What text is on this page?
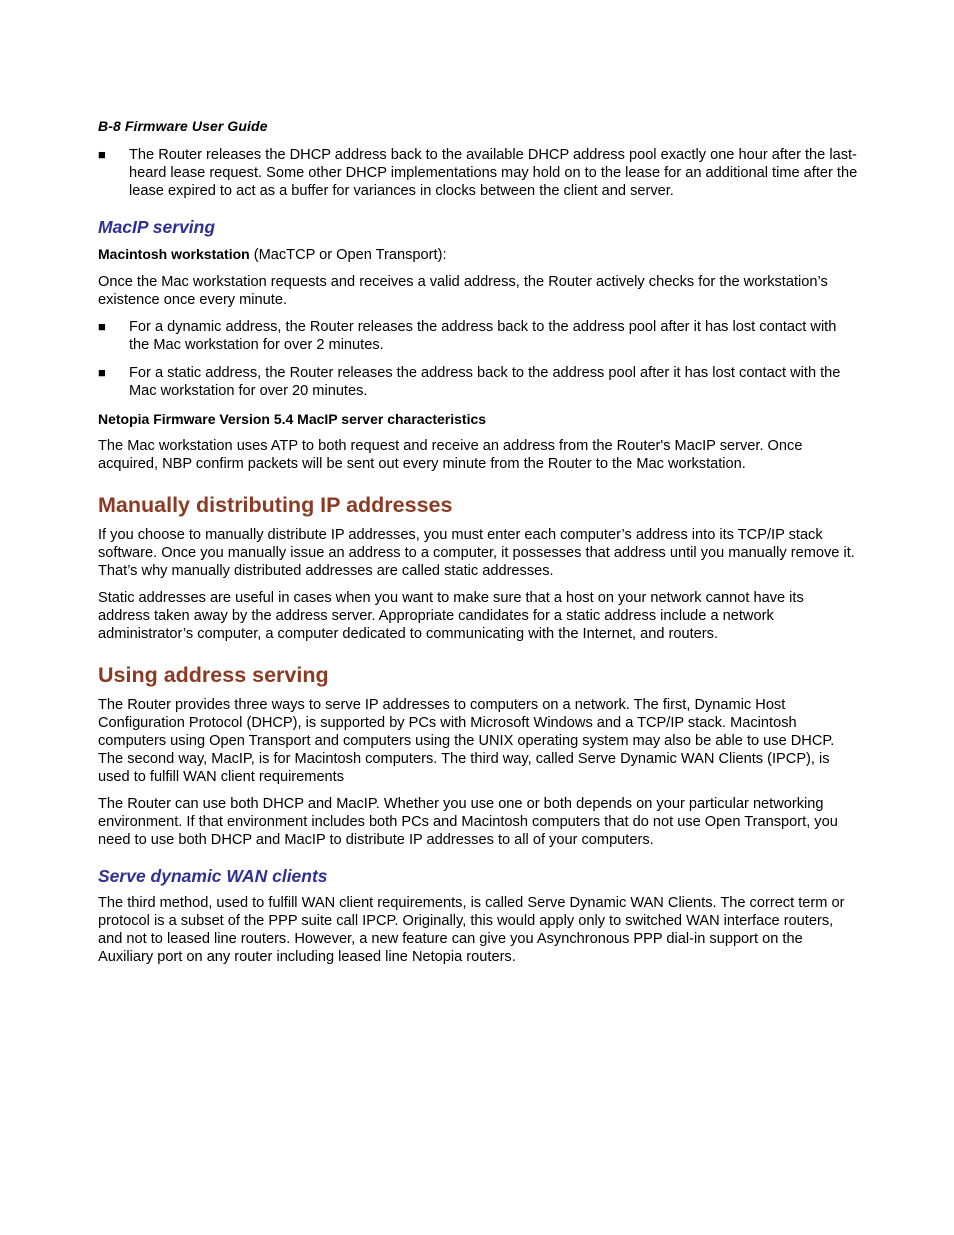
B-8 Firmware User Guide
■ The Router releases the DHCP address back to the available DHCP address pool exactly one hour after the last-heard lease request. Some other DHCP implementations may hold on to the lease for an additional time after the lease expired to act as a buffer for variances in clocks between the client and server.
MacIP serving

Macintosh workstation (MacTCP or Open Transport):

Once the Mac workstation requests and receives a valid address, the Router actively checks for the workstation’s existence once every minute.

■ For a dynamic address, the Router releases the address back to the address pool after it has lost contact with the Mac workstation for over 2 minutes.
■ For a static address, the Router releases the address back to the address pool after it has lost contact with the Mac workstation for over 20 minutes.
Netopia Firmware Version 5.4 MacIP server characteristics

The Mac workstation uses ATP to both request and receive an address from the Router's MacIP server. Once acquired, NBP confirm packets will be sent out every minute from the Router to the Mac workstation.

Manually distributing IP addresses

If you choose to manually distribute IP addresses, you must enter each computer’s address into its TCP/IP stack software. Once you manually issue an address to a computer, it possesses that address until you manually remove it. That’s why manually distributed addresses are called static addresses.

Static addresses are useful in cases when you want to make sure that a host on your network cannot have its address taken away by the address server. Appropriate candidates for a static address include a network administrator’s computer, a computer dedicated to communicating with the Internet, and routers.

Using address serving

The Router provides three ways to serve IP addresses to computers on a network. The first, Dynamic Host Configuration Protocol (DHCP), is supported by PCs with Microsoft Windows and a TCP/IP stack. Macintosh computers using Open Transport and computers using the UNIX operating system may also be able to use DHCP. The second way, MacIP, is for Macintosh computers. The third way, called Serve Dynamic WAN Clients (IPCP), is used to fulfill WAN client requirements

The Router can use both DHCP and MacIP. Whether you use one or both depends on your particular networking environment. If that environment includes both PCs and Macintosh computers that do not use Open Transport, you need to use both DHCP and MacIP to distribute IP addresses to all of your computers.

Serve dynamic WAN clients

The third method, used to fulfill WAN client requirements, is called Serve Dynamic WAN Clients. The correct term or protocol is a subset of the PPP suite call IPCP. Originally, this would apply only to switched WAN interface routers, and not to leased line routers. However, a new feature can give you Asynchronous PPP dial-in support on the Auxiliary port on any router including leased line Netopia routers.
